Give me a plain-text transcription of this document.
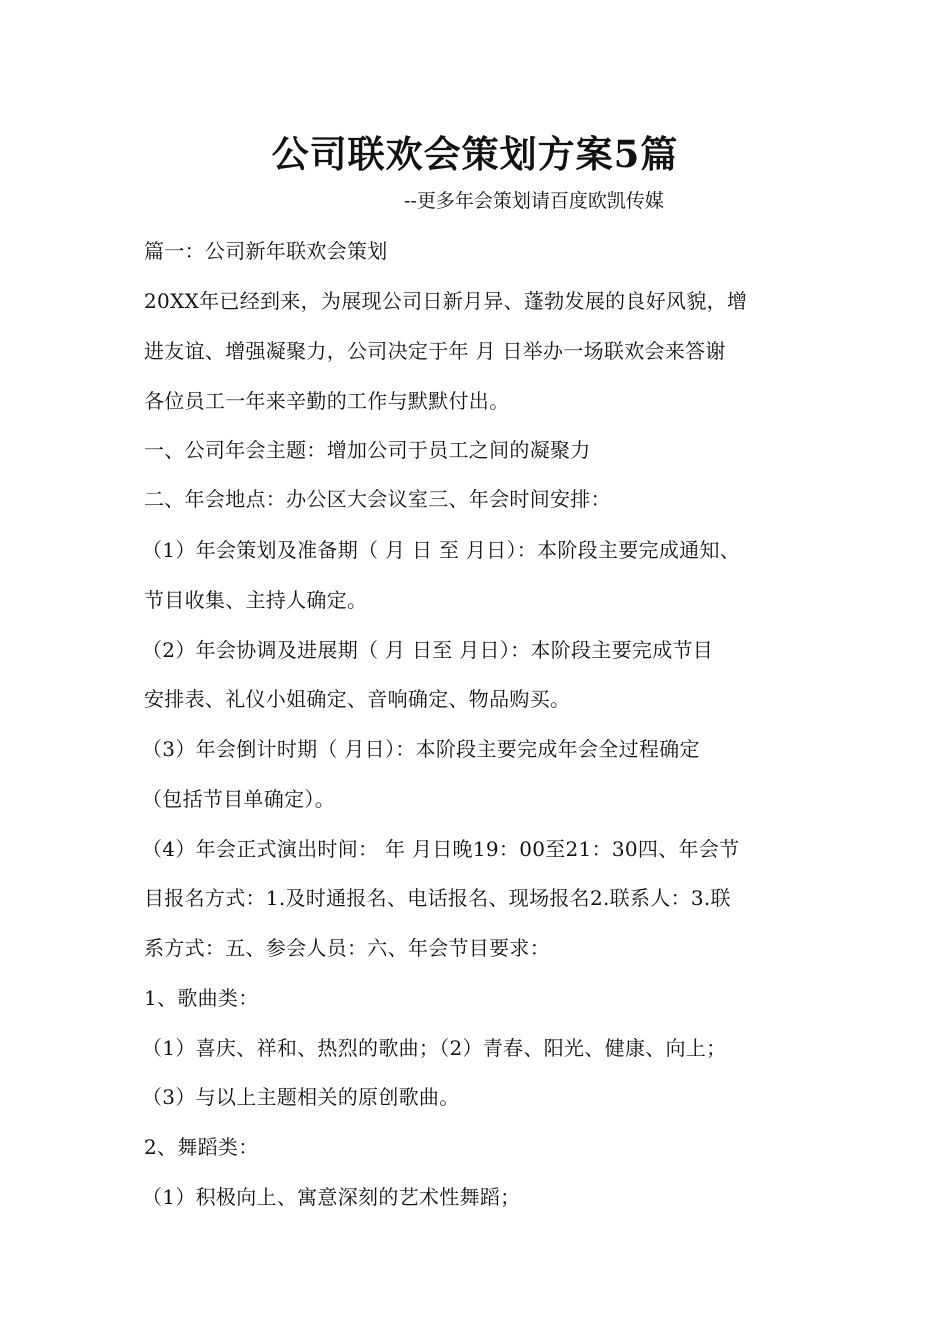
公司联欢会策划方案5篇
--更多年会策划请百度欧凯传媒
篇一：公司新年联欢会策划
20XX年已经到来，为展现公司日新月异、蓬勃发展的良好风貌，增
进友谊、增强凝聚力，公司决定于年 月 日举办一场联欢会来答谢
各位员工一年来辛勤的工作与默默付出。
一、公司年会主题：增加公司于员工之间的凝聚力
二、年会地点：办公区大会议室三、年会时间安排：
（1）年会策划及准备期（ 月 日 至 月日）：本阶段主要完成通知、
节目收集、主持人确定。
（2）年会协调及进展期（ 月 日至 月日）：本阶段主要完成节目
安排表、礼仪小姐确定、音响确定、物品购买。
（3）年会倒计时期（ 月日）：本阶段主要完成年会全过程确定
（包括节目单确定）。
（4）年会正式演出时间： 年 月日晚19：00至21：30四、年会节
目报名方式：1.及时通报名、电话报名、现场报名2.联系人：3.联
系方式：五、参会人员：六、年会节目要求：
1、歌曲类：
（1）喜庆、祥和、热烈的歌曲；（2）青春、阳光、健康、向上；
（3）与以上主题相关的原创歌曲。
2、舞蹈类：
（1）积极向上、寓意深刻的艺术性舞蹈；
